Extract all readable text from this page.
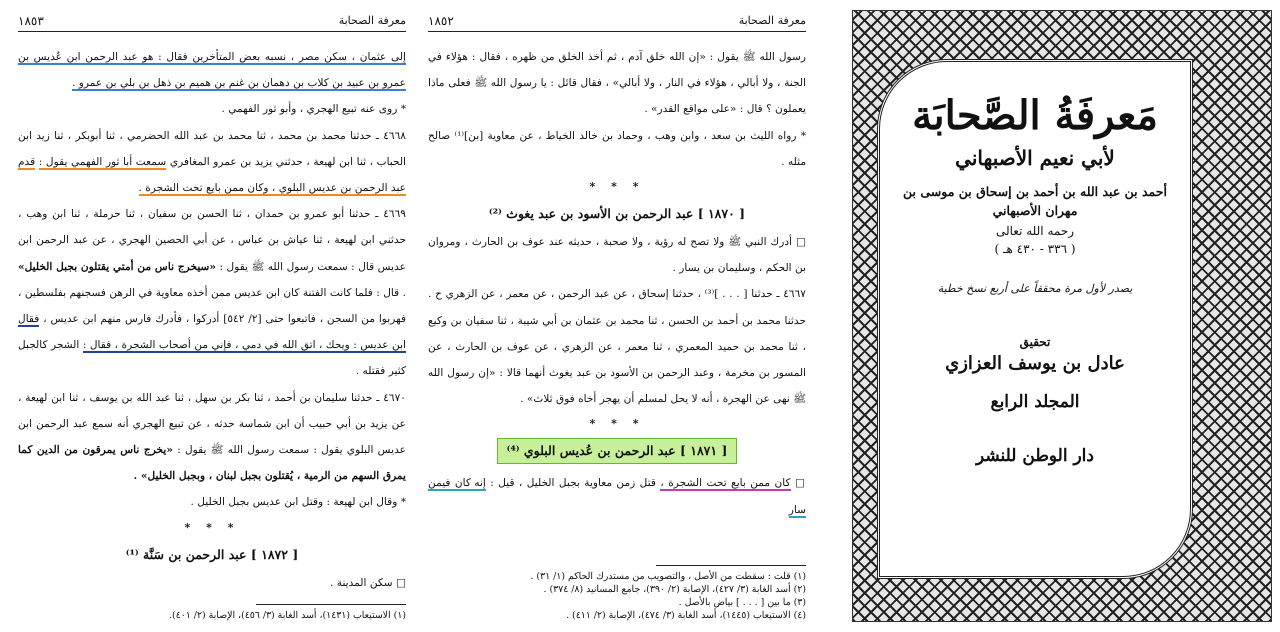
معرفة الصحابة
١٨٥٣

إلى عثمان ، سكن مصر ، نسبه بعض المتأخرين فقال : هو عبد الرحمن ابن عُديس بن عمرو بن عبيد بن كلاب بن دهمان بن غنم بن هميم بن ذهل بن بلي بن عمرو .

* روى عنه تبيع الهجري ، وأبو ثور الفهمي .

٤٦٦٨ ـ حدثنا محمد بن محمد ، ثنا محمد بن عبد الله الحضرمي ، ثنا أبوبكر ، ثنا زيد ابن الحباب ، ثنا ابن لهيعة ، حدثني يزيد بن عمرو المغافري سمعت أبا ثور الفهمي يقول : قدم عبد الرحمن بن عديس البلوي ، وكان ممن بايع تحت الشجرة .

٤٦٦٩ ـ حدثنا أبو عمرو بن حمدان ، ثنا الحسن بن سفيان ، ثنا حرملة ، ثنا ابن وهب ، حدثني ابن لهيعة ، ثنا عياش بن عباس ، عن أبي الحصين الهجري ، عن عبد الرحمن ابن عديس قال : سمعت رسول الله ﷺ يقول : «سيخرج ناس من أمتي يقتلون بجبل الخليل» . قال : فلما كانت الفتنة كان ابن عديس ممن أخذه معاوية في الرهن فسجنهم بفلسطين ، فهربوا من السجن ، فاتبعوا حتى [٢/ ٥٤٢] أدركوا ، فأدرك فارس منهم ابن عديس ، فقال ابن عديس : ويحك ، اتق الله في دمي ، فإني من أصحاب الشجرة ، فقال : الشجر كالجبل كثير فقتله .

٤٦٧٠ ـ حدثنا سليمان بن أحمد ، ثنا بكر بن سهل ، ثنا عبد الله بن يوسف ، ثنا ابن لهيعة ، عن يزيد بن أبي حبيب أن ابن شماسة حدثه ، عن تبيع الهجري أنه سمع عبد الرحمن ابن عديس البلوي يقول : سمعت رسول الله ﷺ يقول : «يخرج ناس يمرقون من الدين كما يمرق السهم من الرمية ، يُقتلون بجبل لبنان ، وبجبل الخليل» .

* وقال ابن لهيعة : وقتل ابن عديس بجبل الخليل .

* * *
[ ١٨٧٢ ] عبد الرحمن بن سَنَّة ⁽¹⁾

□ سكن المدينة .

(١) الاستيعاب (١٤٣١)، أسد الغابة (٣/ ٤٥٦)، الإصابة (٢/ ٤٠١).
معرفة الصحابة
١٨٥٢

رسول الله ﷺ يقول : «إن الله خلق آدم ، ثم أخذ الخلق من ظهره ، فقال : هؤلاء في الجنة ، ولا أبالي ، هؤلاء في النار ، ولا أبالي» ، فقال قائل : يا رسول الله ﷺ فعلى ماذا يعملون ؟ قال : «على مواقع القدر» .

* رواه الليث بن سعد ، وابن وهب ، وحماد بن خالد الخياط ، عن معاوية [بن]⁽¹⁾ صالح مثله .

* * *
[ ١٨٧٠ ] عبد الرحمن بن الأسود بن عبد يغوث ⁽²⁾

□ أدرك النبي ﷺ ولا تصح له رؤية ، ولا صحبة ، حديثه عند عوف بن الحارث ، ومروان بن الحكم ، وسليمان بن يسار .

٤٦٦٧ ـ حدثنا [ . . . ]⁽³⁾ ، حدثنا إسحاق ، عن عبد الرحمن ، عن معمر ، عن الزهري ح . حدثنا محمد بن أحمد بن الحسن ، ثنا محمد بن عثمان بن أبي شيبة ، ثنا سفيان بن وكيع ، ثنا محمد بن حميد المعمري ، ثنا معمر ، عن الزهري ، عن عوف بن الحارث ، عن المسور بن مخرمة ، وعبد الرحمن بن الأسود بن عبد يغوث أنهما قالا : «إن رسول الله ﷺ نهى عن الهجرة ، أنه لا يحل لمسلم أن يهجر أخاه فوق ثلاث» .

* * *
[ ١٨٧١ ] عبد الرحمن بن عُديس البلوي ⁽⁴⁾

□ كان ممن بايع تحت الشجرة ، قتل زمن معاوية بجبل الخليل ، قيل : إنه كان فيمن سار

(١) قلت : سقطت من الأصل ، والتصويب من مستدرك الحاكم (١/ ٣١) .
(٢) أسد الغابة (٣/ ٤٢٧)، الإصابة (٢/ ٣٩٠)، جامع المسانيد (٨/ ٣٧٤) .
(٣) ما بين [ . . . ] بياض بالأصل .
(٤) الاستيعاب (١٤٤٥)، أسد الغابة (٣/ ٤٧٤)، الإصابة (٢/ ٤١١) .
مَعرفَةُ الصَّحابَة
لأبي نعيم الأصبهاني
أحمد بن عبد الله بن أحمد بن إسحاق بن موسى بن مهران الأصبهاني
رحمه الله تعالى
( ٣٣٦ - ٤٣٠ هـ )
يصدر لأول مرة محققاً على أربع نسخ خطية
تحقيق
عادل بن يوسف العزازي
المجلد الرابع
دار الوطن للنشر
